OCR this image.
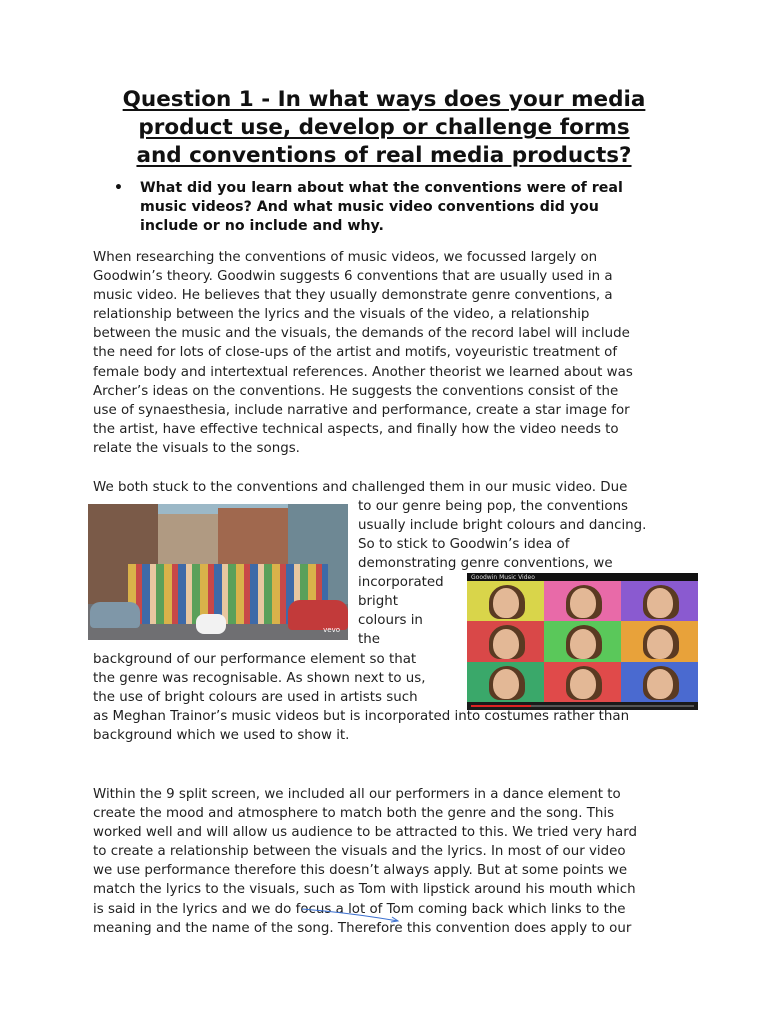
Question 1 - In what ways does your media
product use, develop or challenge forms
and conventions of real media products?
• What did you learn about what the conventions were of real
music videos? And what music video conventions did you
include or no include and why.

When researching the conventions of music videos, we focussed largely on
Goodwin’s theory. Goodwin suggests 6 conventions that are usually used in a
music video. He believes that they usually demonstrate genre conventions, a
relationship between the lyrics and the visuals of the video, a relationship
between the music and the visuals, the demands of the record label will include
the need for lots of close-ups of the artist and motifs, voyeuristic treatment of
female body and intertextual references. Another theorist we learned about was
Archer’s ideas on the conventions. He suggests the conventions consist of the
use of synaesthesia, include narrative and performance, create a star image for
the artist, have effective technical aspects, and finally how the video needs to
relate the visuals to the songs.

We both stuck to the conventions and challenged them in our music video. Due

vevo

to our genre being pop, the conventions
usually include bright colours and dancing.
So to stick to Goodwin’s idea of
demonstrating genre conventions, we

incorporated
bright
colours in
the

Goodwin Music Video

background of our performance element so that
the genre was recognisable. As shown next to us,
the use of bright colours are used in artists such

as Meghan Trainor’s music videos but is incorporated into costumes rather than
background which we used to show it.

Within the 9 split screen, we included all our performers in a dance element to
create the mood and atmosphere to match both the genre and the song. This
worked well and will allow us audience to be attracted to this. We tried very hard
to create a relationship between the visuals and the lyrics. In most of our video
we use performance therefore this doesn’t always apply. But at some points we
match the lyrics to the visuals, such as Tom with lipstick around his mouth which
is said in the lyrics and we do focus a lot of Tom coming back which links to the
meaning and the name of the song. Therefore this convention does apply to our
